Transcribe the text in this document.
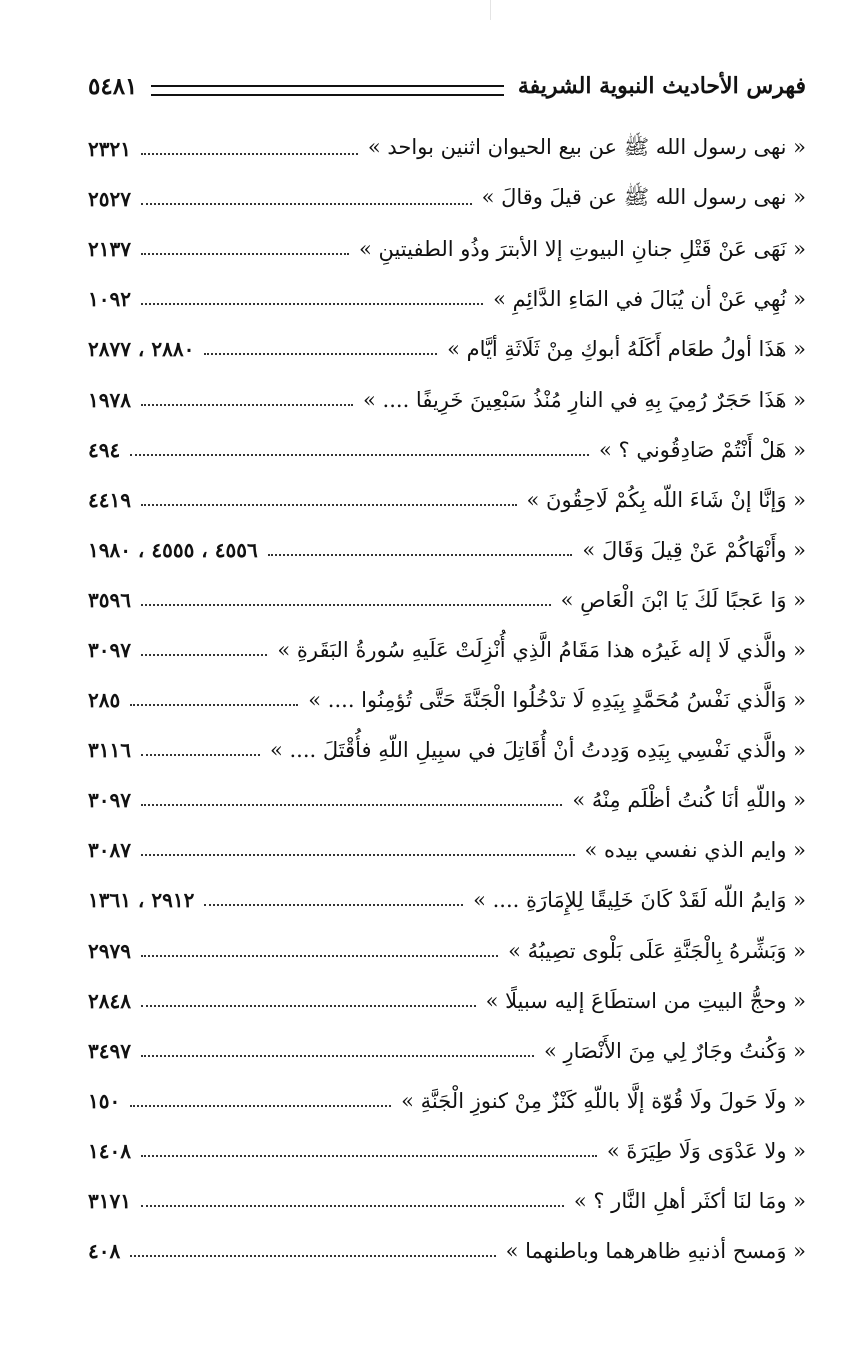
فهرس الأحاديث النبوية الشريفة
٥٤٨١
« نهى رسول الله ﷺ عن بيع الحيوان اثنين بواحد »
٢٣٢١
« نهى رسول الله ﷺ عن قيلَ وقالَ »
٢٥٢٧
« نَهَى عَنْ قَتْلِ جنانِ البيوتِ إلا الأبترَ وذُو الطفيتينِ »
٢١٣٧
« نُهِي عَنْ أن يُبَالَ في المَاءِ الدَّائِمِ »
١٠٩٢
« هَذَا أولُ طعَام أَكَلَهُ أبوكِ مِنْ ثَلَاثَةِ أيَّام »
٢٨٨٠ ، ٢٨٧٧
« هَذَا حَجَرٌ رُمِيَ بِهِ في النارِ مُنْذُ سَبْعِينَ خَرِيفًا .... »
١٩٧٨
« هَلْ أَنْتُمْ صَادِقُوني ؟ »
٤٩٤
« وَإنَّا إنْ شَاءَ اللّه بِكُمْ لَاحِقُونَ »
٤٤١٩
« وأَنْهَاكُمْ عَنْ قِيلَ وَقَالَ »
٤٥٥٦ ، ٤٥٥٥ ، ١٩٨٠
« وَا عَجبًا لَكَ يَا ابْنَ الْعَاصِ »
٣٥٩٦
« والَّذي لَا إله غَيرُه هذا مَقَامُ الَّذِي أُنْزِلَتْ عَلَيهِ سُورةُ البَقَرةِ »
٣٠٩٧
« وَالَّذي نَفْسُ مُحَمَّدٍ بِيَدِهِ لَا تدْخُلُوا الْجَنَّةَ حَتَّى تُؤمِنُوا .... »
٢٨٥
« والَّذي نَفْسِي بِيَدِه وَدِدتُ أنْ أُقَاتِلَ في سبِيلِ اللّهِ فأُقْتَلَ .... »
٣١١٦
« واللّهِ أنَا كُنتُ أظْلَم مِنْهُ »
٣٠٩٧
« وايم الذي نفسي بيده »
٣٠٨٧
« وَايمُ اللّه لَقَدْ كَانَ خَلِيقًا لِلإِمَارَةِ .... »
٢٩١٢ ، ١٣٦١
« وَبَشِّرهُ بِالْجَنَّةِ عَلَى بَلْوى تصِيبُهُ »
٢٩٧٩
« وحجُّ البيتِ من استطَاعَ إليه سبيلًا »
٢٨٤٨
« وَكُنتُ وجَارٌ لِي مِنَ الأَنْصَارِ »
٣٤٩٧
« ولَا حَولَ ولَا قُوّة إلَّا باللّهِ كَنْزٌ مِنْ كنوزِ الْجَنَّةِ »
١٥٠
« ولا عَدْوَى وَلَا طِيَرَةَ »
١٤٠٨
« ومَا لنَا أكثَر أهلِ النَّار ؟ »
٣١٧١
« وَمسح أذنيهِ ظاهرهما وباطنهما »
٤٠٨
